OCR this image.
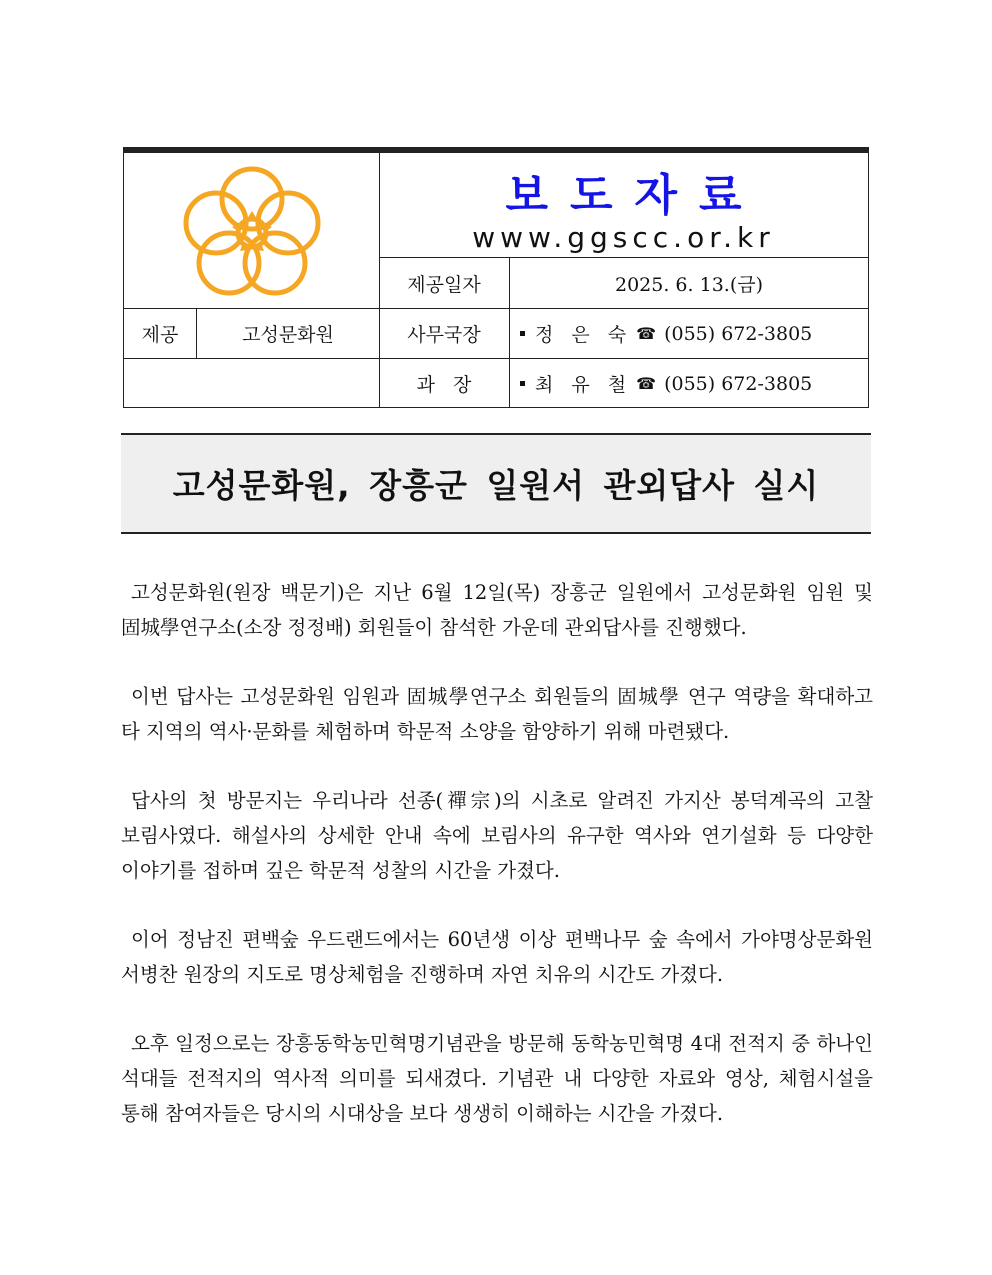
보도자료
www.ggscc.or.kr
제공일자	2025. 6. 13.(금)
제공	고성문화원	사무국장	정 은 숙 ☎ (055) 672-3805
과   장	최 유 철 ☎ (055) 672-3805
고성문화원, 장흥군 일원서 관외답사 실시

고성문화원(원장 백문기)은 지난 6월 12일(목) 장흥군 일원에서 고성문화원 임원 및 固城學연구소(소장 정정배) 회원들이 참석한 가운데 관외답사를 진행했다.

이번 답사는 고성문화원 임원과 固城學연구소 회원들의 固城學 연구 역량을 확대하고 타 지역의 역사·문화를 체험하며 학문적 소양을 함양하기 위해 마련됐다.

답사의 첫 방문지는 우리나라 선종(禪宗)의 시초로 알려진 가지산 봉덕계곡의 고찰 보림사였다. 해설사의 상세한 안내 속에 보림사의 유구한 역사와 연기설화 등 다양한 이야기를 접하며 깊은 학문적 성찰의 시간을 가졌다.

이어 정남진 편백숲 우드랜드에서는 60년생 이상 편백나무 숲 속에서 가야명상문화원 서병찬 원장의 지도로 명상체험을 진행하며 자연 치유의 시간도 가졌다.

오후 일정으로는 장흥동학농민혁명기념관을 방문해 동학농민혁명 4대 전적지 중 하나인 석대들 전적지의 역사적 의미를 되새겼다. 기념관 내 다양한 자료와 영상, 체험시설을 통해 참여자들은 당시의 시대상을 보다 생생히 이해하는 시간을 가졌다.
